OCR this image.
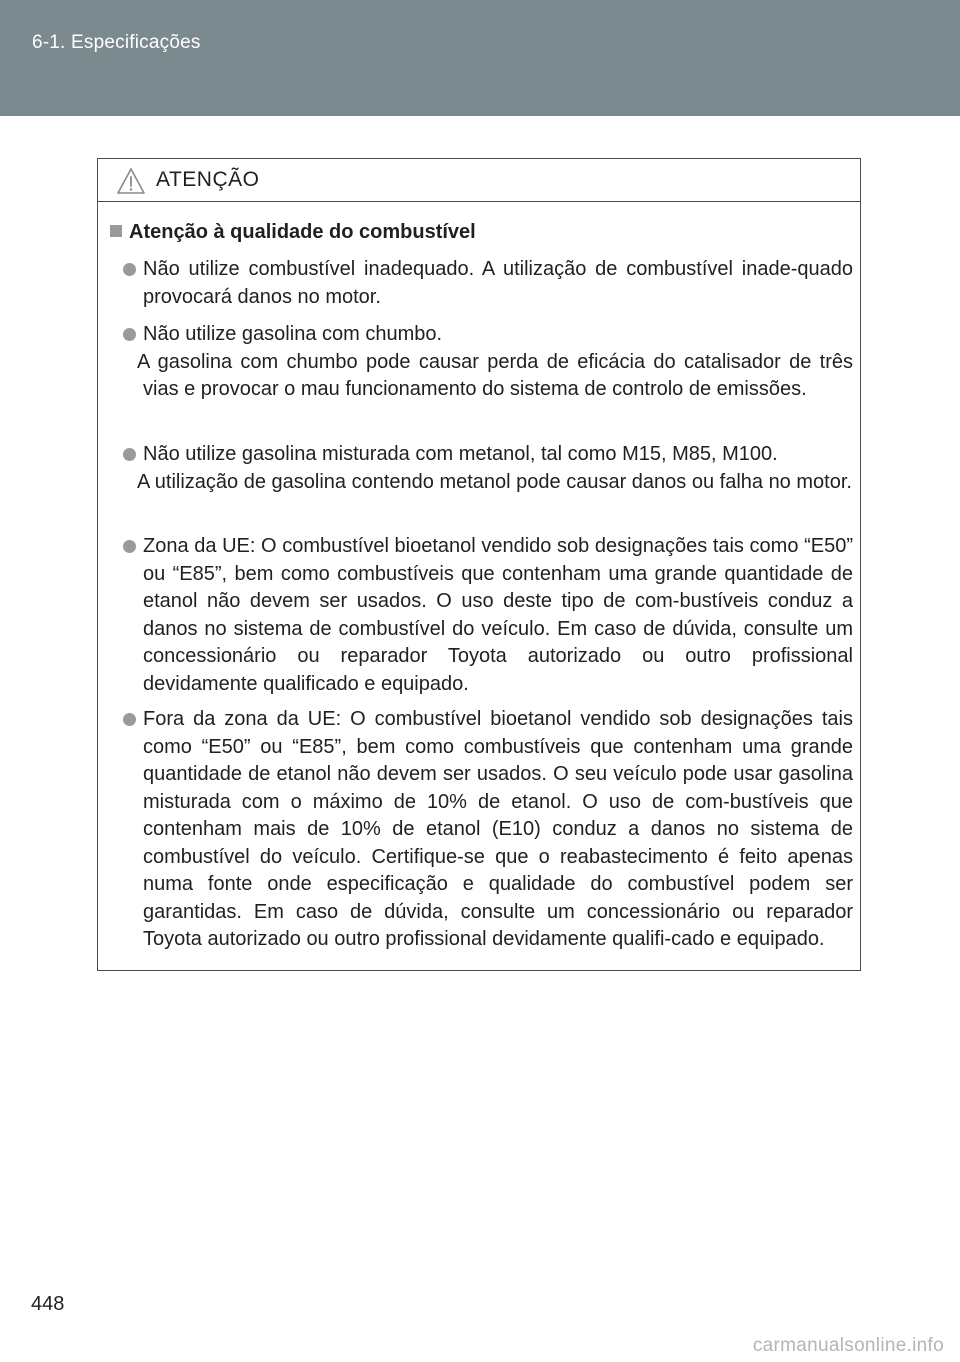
6-1. Especificações
ATENÇÃO
Atenção à qualidade do combustível
Não utilize combustível inadequado. A utilização de combustível inade-quado provocará danos no motor.
Não utilize gasolina com chumbo.
A gasolina com chumbo pode causar perda de eficácia do catalisador de três vias e provocar o mau funcionamento do sistema de controlo de emissões.
Não utilize gasolina misturada com metanol, tal como M15, M85, M100.
A utilização de gasolina contendo metanol pode causar danos ou falha no motor.
Zona da UE: O combustível bioetanol vendido sob designações tais como “E50” ou “E85”, bem como combustíveis que contenham uma grande quantidade de etanol não devem ser usados. O uso deste tipo de com-bustíveis conduz a danos no sistema de combustível do veículo. Em caso de dúvida, consulte um concessionário ou reparador Toyota autorizado ou outro profissional devidamente qualificado e equipado.
Fora da zona da UE: O combustível bioetanol vendido sob designações tais como “E50” ou “E85”, bem como combustíveis que contenham uma grande quantidade de etanol não devem ser usados. O seu veículo pode usar gasolina misturada com o máximo de 10% de etanol. O uso de com-bustíveis que contenham mais de 10% de etanol (E10) conduz a danos no sistema de combustível do veículo. Certifique-se que o reabastecimento é feito apenas numa fonte onde especificação e qualidade do combustível podem ser garantidas. Em caso de dúvida, consulte um concessionário ou reparador Toyota autorizado ou outro profissional devidamente qualifi-cado e equipado.
448
carmanualsonline.info
